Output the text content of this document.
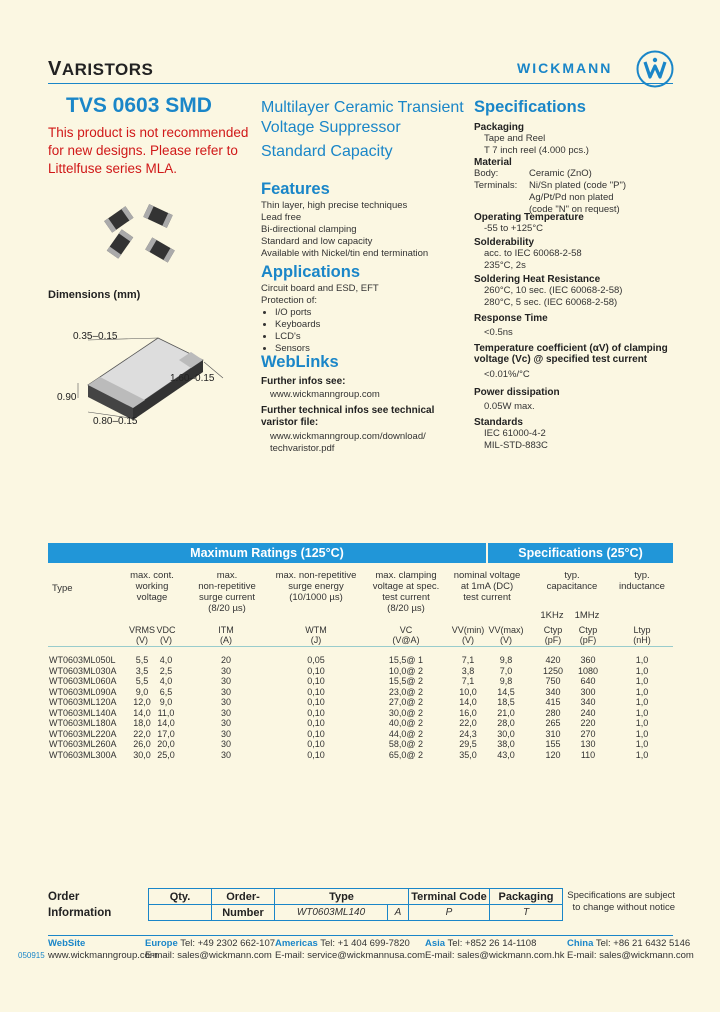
VARISTORS	WICKMANN
TVS 0603 SMD
This product is not recommended for new designs. Please refer to Littelfuse series MLA.
Dimensions (mm)
0.35–0.15
0.90
1.60–0.15
0.80–0.15
Multilayer Ceramic Transient
Voltage Suppressor
Standard Capacity
Features
Thin layer, high precise techniques
Lead free
Bi-directional clamping
Standard and low capacity
Available with Nickel/tin end termination
Applications
Circuit board and ESD, EFT
Protection of:
• I/O ports
• Keyboards
• LCD's
• Sensors
WebLinks
Further infos see:
www.wickmanngroup.com
Further technical infos see technical varistor file:
www.wickmanngroup.com/download/
techvaristor.pdf
Specifications
Packaging
Tape and Reel
T 7 inch reel (4.000 pcs.)
Material
Body:	Ceramic (ZnO)
Terminals: Ni/Sn plated (code "P")
Ag/Pt/Pd non plated
(code "N" on request)
Operating Temperature
-55 to +125°C
Solderability
acc. to IEC 60068-2-58
235°C, 2s
Soldering Heat Resistance
260°C, 10 sec. (IEC 60068-2-58)
280°C, 5 sec. (IEC 60068-2-58)
Response Time
<0.5ns
Temperature coefficient (αV) of clamping voltage (Vc) @ specified test current
<0.01%/°C
Power dissipation
0.05W max.
Standards
IEC 61000-4-2
MIL-STD-883C
Maximum Ratings (125°C)	Specifications (25°C)
Type
max. cont.
working
voltage
max.
non-repetitive
surge current
(8/20 µs)
max. non-repetitive
surge energy
(10/1000 µs)
max. clamping
voltage at spec.
test current
(8/20 µs)
nominal voltage
at 1mA (DC)
test current
typ.
capacitance
typ.
inductance
1KHz	1MHz
VRMS VDC	ITM	WTM	VC	VV(min) VV(max)	Ctyp	Ctyp	Ltyp
(V)	(V)	(A)	(J)	(V@A)	(V)	(V)	(pF)	(pF)	(nH)
WT0603ML050L	5,5	4,0	20	0,05	15,5@ 1	7,1	9,8	420	360	1,0
WT0603ML030A	3,5	2,5	30	0,10	10,0@ 2	3,8	7,0	1250	1080	1,0
WT0603ML060A	5,5	4,0	30	0,10	15,5@ 2	7,1	9,8	750	640	1,0
WT0603ML090A	9,0	6,5	30	0,10	23,0@ 2	10,0	14,5	340	300	1,0
WT0603ML120A	12,0 9,0	30	0,10	27,0@ 2	14,0	18,5	415	340	1,0
WT0603ML140A	14,0 11,0	30	0,10	30,0@ 2	16,0	21,0	280	240	1,0
WT0603ML180A	18,0 14,0	30	0,10	40,0@ 2	22,0	28,0	265	220	1,0
WT0603ML220A	22,0 17,0	30	0,10	44,0@ 2	24,3	30,0	310	270	1,0
WT0603ML260A	26,0 20,0	30	0,10	58,0@ 2	29,5	38,0	155	130	1,0
WT0603ML300A	30,0 25,0	30	0,10	65,0@ 2	35,0	43,0	120	110	1,0
Order
Information
Qty.	Order-	Type		Terminal Code	Packaging
	Number	WT0603ML140	A	P	T
Specifications are subject to change without notice
WebSite
www.wickmanngroup.com
050915
Europe Tel: +49 2302 662-107
E-mail: sales@wickmann.com
Americas Tel: +1 404 699-7820
E-mail: service@wickmannusa.com
Asia Tel: +852 26 14-1108
E-mail: sales@wickmann.com.hk
China Tel: +86 21 6432 5146
E-mail: sales@wickmann.com
